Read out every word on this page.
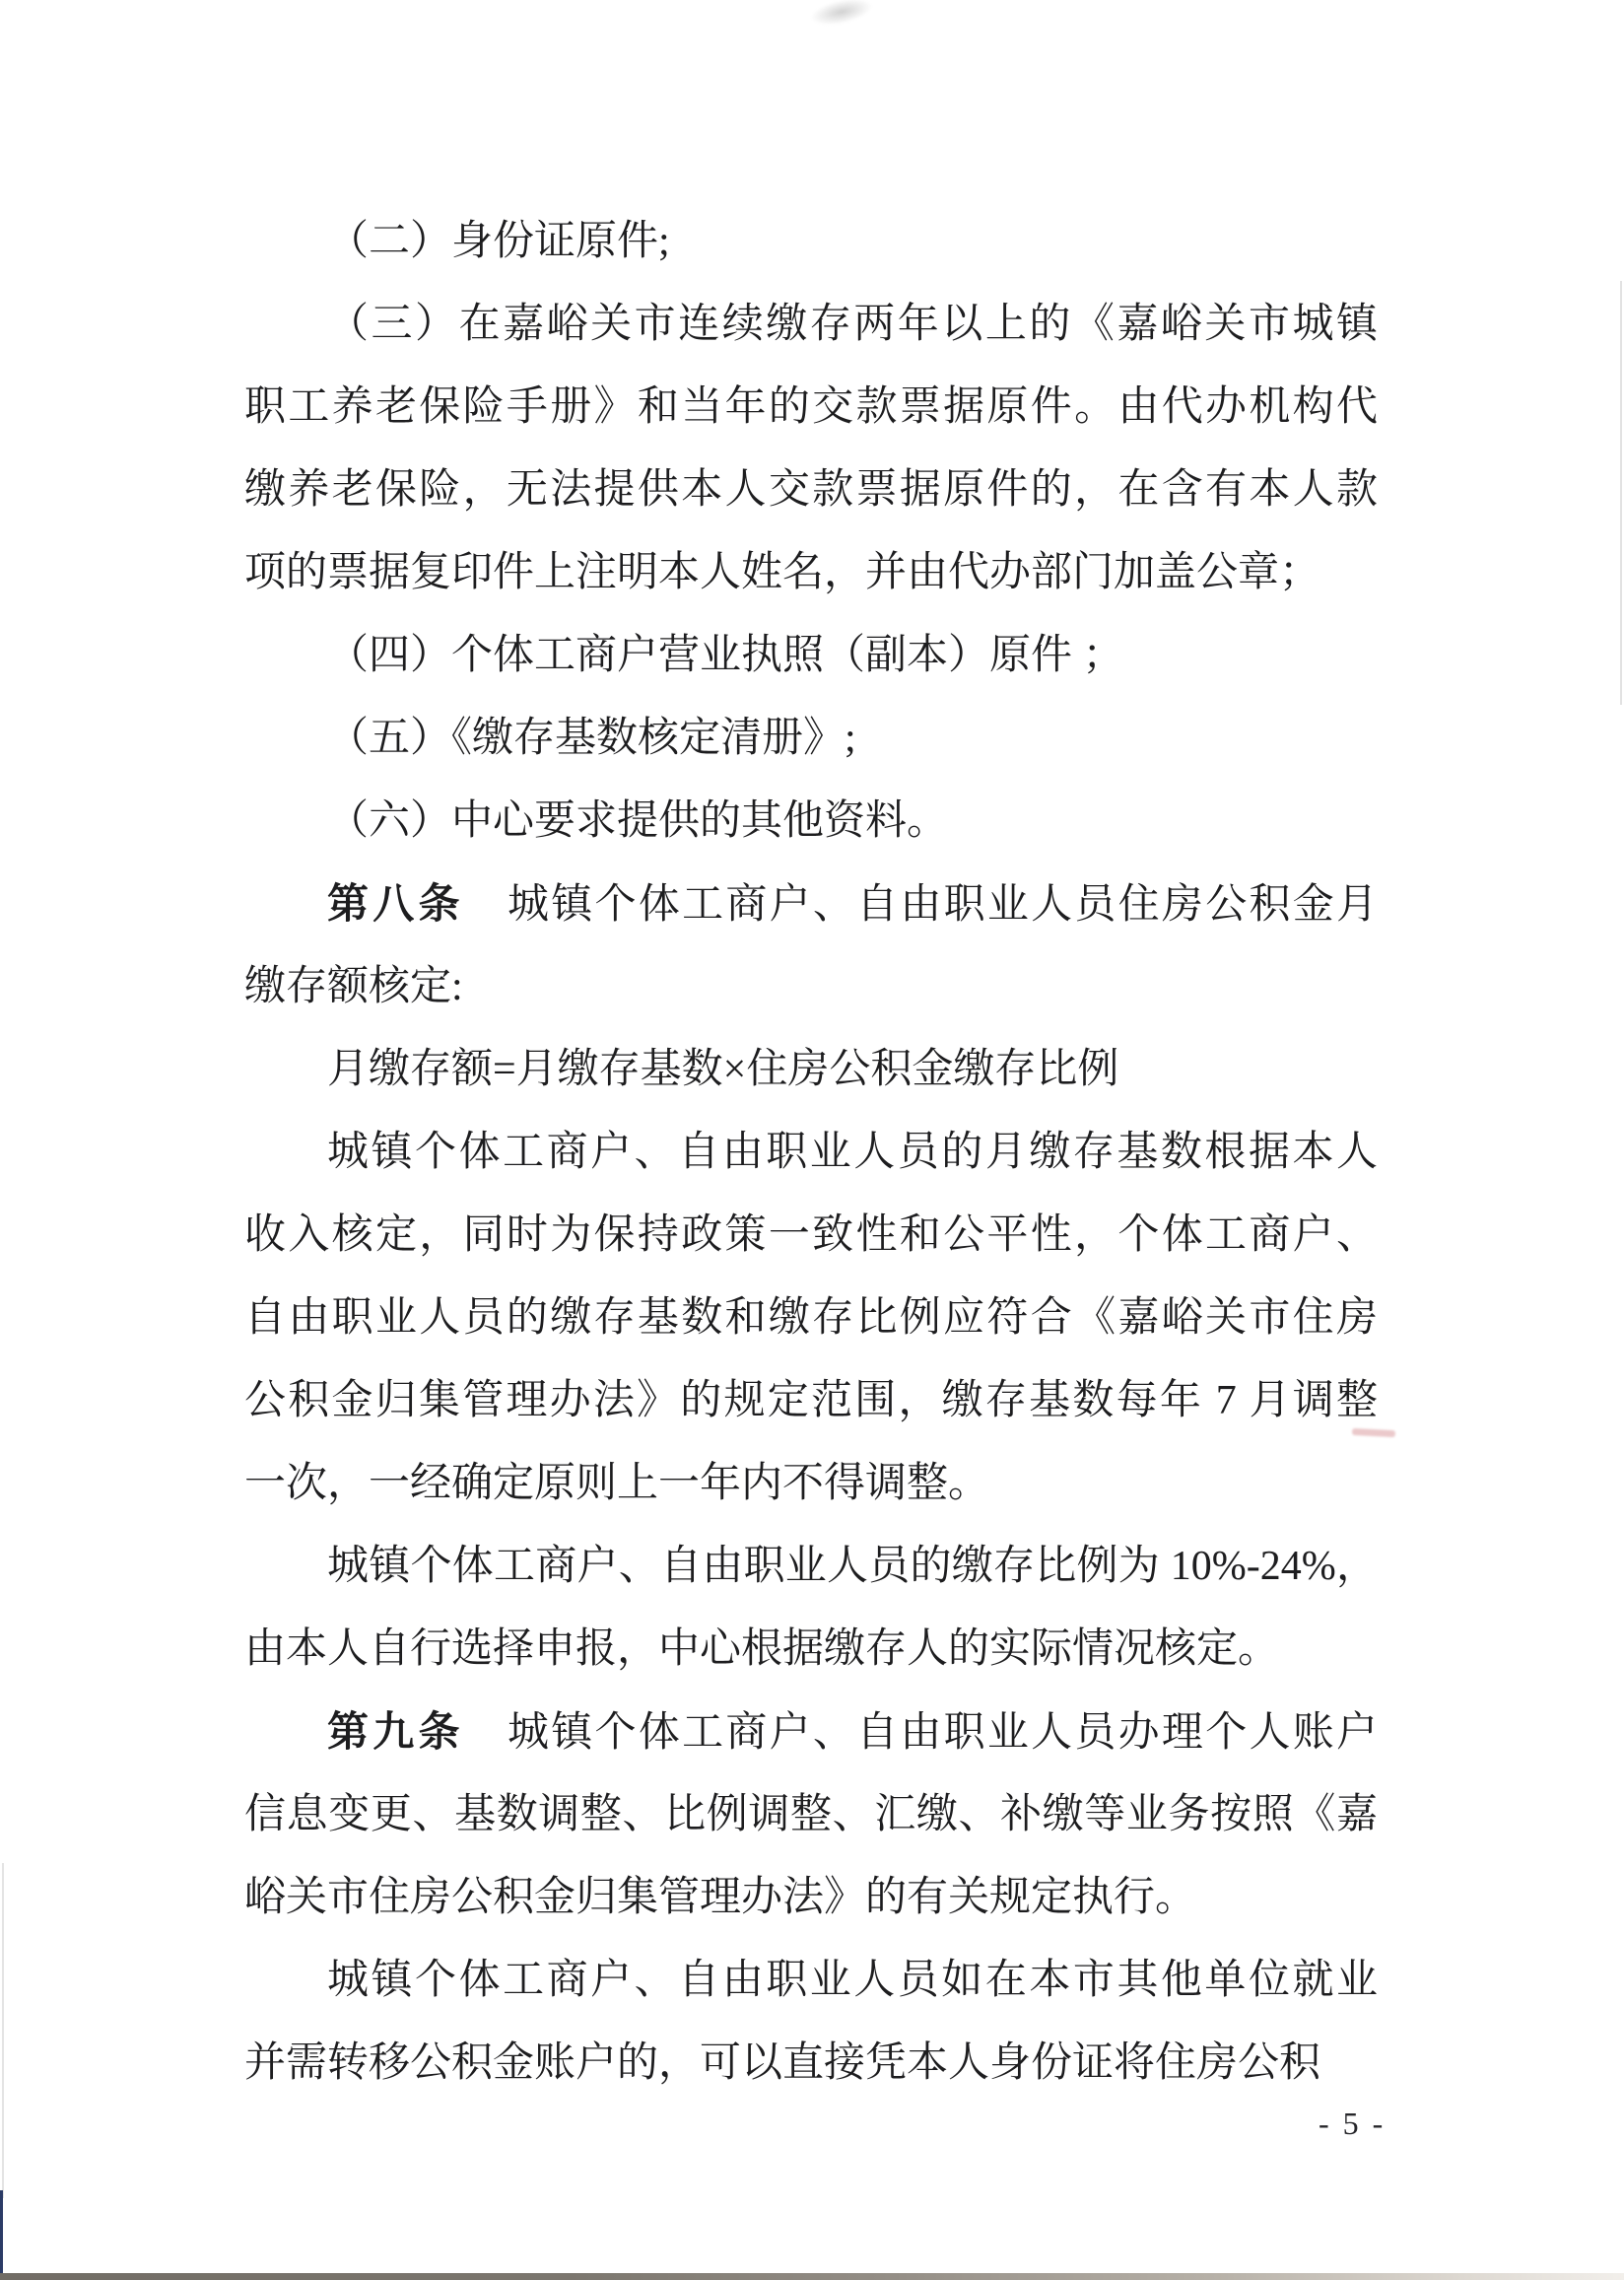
（二）身份证原件;
（三）在嘉峪关市连续缴存两年以上的《嘉峪关市城镇
职工养老保险手册》和当年的交款票据原件。由代办机构代
缴养老保险，无法提供本人交款票据原件的，在含有本人款
项的票据复印件上注明本人姓名，并由代办部门加盖公章；
（四）个体工商户营业执照（副本）原件 ；
（五）《缴存基数核定清册》;
（六）中心要求提供的其他资料。
第八条　城镇个体工商户、自由职业人员住房公积金月
缴存额核定:
月缴存额=月缴存基数×住房公积金缴存比例
城镇个体工商户、自由职业人员的月缴存基数根据本人
收入核定，同时为保持政策一致性和公平性，个体工商户、
自由职业人员的缴存基数和缴存比例应符合《嘉峪关市住房
公积金归集管理办法》的规定范围，缴存基数每年 7 月调整
一次，一经确定原则上一年内不得调整。
城镇个体工商户、自由职业人员的缴存比例为 10%-24%，
由本人自行选择申报，中心根据缴存人的实际情况核定。
第九条　城镇个体工商户、自由职业人员办理个人账户
信息变更、基数调整、比例调整、汇缴、补缴等业务按照《嘉
峪关市住房公积金归集管理办法》的有关规定执行。
城镇个体工商户、自由职业人员如在本市其他单位就业
并需转移公积金账户的，可以直接凭本人身份证将住房公积
- 5 -
